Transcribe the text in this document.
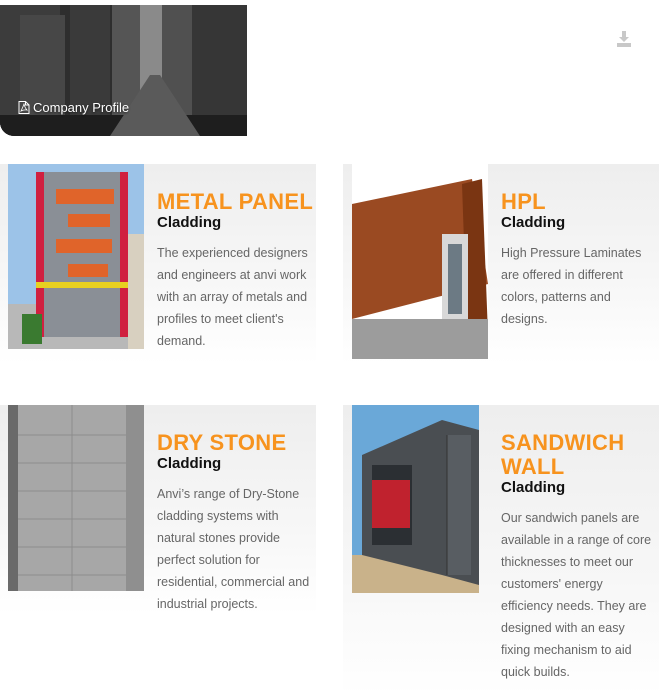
Company Profile
METAL PANEL
Cladding

The experienced designers and engineers at anvi work with an array of metals and profiles to meet client's demand.

HPL
Cladding

High Pressure Laminates are offered in different colors, patterns and designs.

DRY STONE
Cladding

Anvi’s range of Dry-Stone cladding systems with natural stones provide perfect solution for residential, commercial and industrial projects.

SANDWICH WALL
Cladding

Our sandwich panels are available in a range of core thicknesses to meet our customers' energy efficiency needs. They are designed with an easy fixing mechanism to aid quick builds.
